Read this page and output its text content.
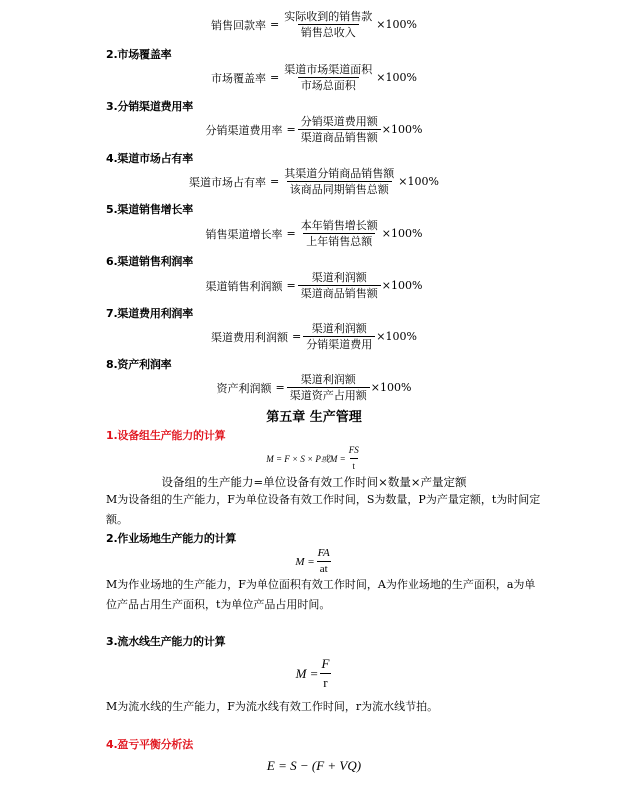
销售回款率 = $\frac{\text{实际收到的销售款}}{\text{销售总收入}} \times 100\%$
2.市场覆盖率
市场覆盖率 = $\frac{\text{渠道市场渠道面积}}{\text{市场总面积}} \times 100\%$
3.分销渠道费用率
分销渠道费用率 = $\frac{\text{分销渠道费用额}}{\text{渠道商品销售额}} \times 100\%$
4.渠道市场占有率
渠道市场占有率 = $\frac{\text{其渠道分销商品销售额}}{\text{该商品同期销售总额}} \times 100\%$
5.渠道销售增长率
销售渠道增长率 = $\frac{\text{本年销售增长额}}{\text{上年销售总额}} \times 100\%$
6.渠道销售利润率
渠道销售利润额 = $\frac{\text{渠道利润额}}{\text{渠道商品销售额}} \times 100\%$
7.渠道费用利润率
渠道费用利润额 = $\frac{\text{渠道利润额}}{\text{分销渠道费用}} \times 100\%$
8.资产利润率
资产利润额 = $\frac{\text{渠道利润额}}{\text{渠道资产占用额}} \times 100\%$
第五章 生产管理
1.设备组生产能力的计算
M = F × S × P或$M = \frac{FS}{t}$
设备组的生产能力=单位设备有效工作时间×数量×产量定额
M为设备组的生产能力，F为单位设备有效工作时间，S为数量，P为产量定额，t为时间定额。
2.作业场地生产能力的计算
$M = \frac{FA}{at}$
M为作业场地的生产能力，F为单位面积有效工作时间，A为作业场地的生产面积，a为单位产品占用生产面积，t为单位产品占用时间。
3.流水线生产能力的计算
$M = \frac{F}{r}$
M为流水线的生产能力，F为流水线有效工作时间，r为流水线节拍。
4.盈亏平衡分析法
E = S − (F + VQ)
